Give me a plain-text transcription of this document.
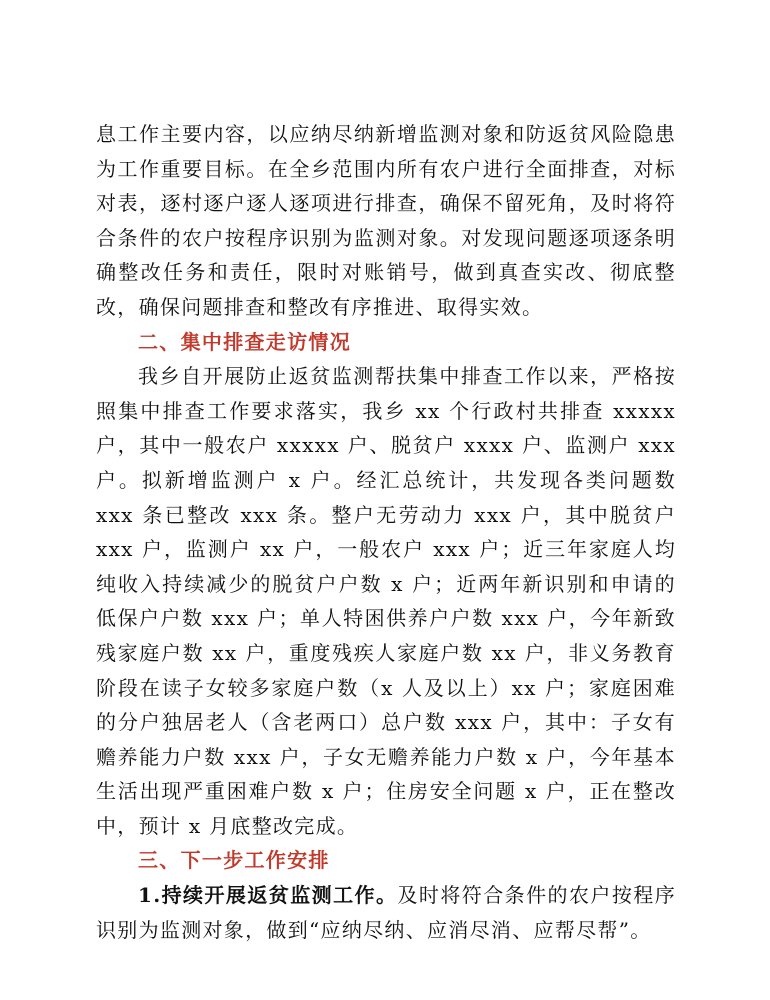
息工作主要内容，以应纳尽纳新增监测对象和防返贫风险隐患为工作重要目标。在全乡范围内所有农户进行全面排查，对标对表，逐村逐户逐人逐项进行排查，确保不留死角，及时将符合条件的农户按程序识别为监测对象。对发现问题逐项逐条明确整改任务和责任，限时对账销号，做到真查实改、彻底整改，确保问题排查和整改有序推进、取得实效。

二、集中排查走访情况

我乡自开展防止返贫监测帮扶集中排查工作以来，严格按照集中排查工作要求落实，我乡 xx 个行政村共排查 xxxxx 户，其中一般农户 xxxxx 户、脱贫户 xxxx 户、监测户 xxx 户。拟新增监测户 x 户。经汇总统计，共发现各类问题数 xxx 条已整改 xxx 条。整户无劳动力 xxx 户，其中脱贫户 xxx 户，监测户 xx 户，一般农户 xxx 户；近三年家庭人均纯收入持续减少的脱贫户户数 x 户；近两年新识别和申请的低保户户数 xxx 户；单人特困供养户户数 xxx 户，今年新致残家庭户数 xx 户，重度残疾人家庭户数 xx 户，非义务教育阶段在读子女较多家庭户数（x 人及以上）xx 户；家庭困难的分户独居老人（含老两口）总户数 xxx 户，其中：子女有赡养能力户数 xxx 户，子女无赡养能力户数 x 户，今年基本生活出现严重困难户数 x 户；住房安全问题 x 户，正在整改中，预计 x 月底整改完成。

三、下一步工作安排

1.持续开展返贫监测工作。及时将符合条件的农户按程序识别为监测对象，做到“应纳尽纳、应消尽消、应帮尽帮”。
